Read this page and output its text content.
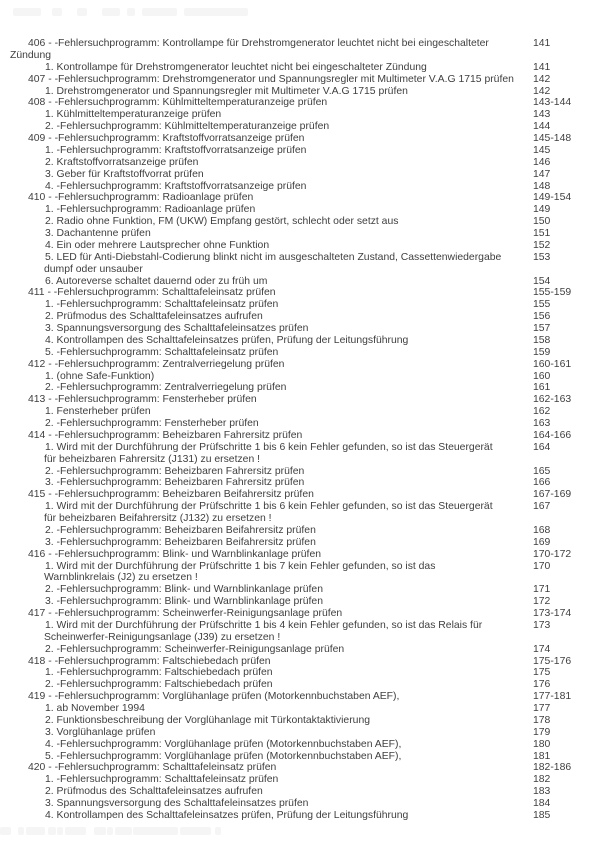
406 - -Fehlersuchprogramm: Kontrollampe für Drehstromgenerator leuchtet nicht bei eingeschalteter	141
Zündung
1. Kontrollampe für Drehstromgenerator leuchtet nicht bei eingeschalteter Zündung	141
407 - -Fehlersuchprogramm: Drehstromgenerator und Spannungsregler mit Multimeter V.A.G 1715 prüfen 142
1. Drehstromgenerator und Spannungsregler mit Multimeter V.A.G 1715 prüfen	142
408 - -Fehlersuchprogramm: Kühlmitteltemperaturanzeige prüfen	143-144
1. Kühlmitteltemperaturanzeige prüfen	143
2. -Fehlersuchprogramm: Kühlmitteltemperaturanzeige prüfen	144
409 - -Fehlersuchprogramm: Kraftstoffvorratsanzeige prüfen	145-148
1. -Fehlersuchprogramm: Kraftstoffvorratsanzeige prüfen	145
2. Kraftstoffvorratsanzeige prüfen	146
3. Geber für Kraftstoffvorrat prüfen	147
4. -Fehlersuchprogramm: Kraftstoffvorratsanzeige prüfen	148
410 - -Fehlersuchprogramm: Radioanlage prüfen	149-154
1. -Fehlersuchprogramm: Radioanlage prüfen	149
2. Radio ohne Funktion, FM (UKW) Empfang gestört, schlecht oder setzt aus	150
3. Dachantenne prüfen	151
4. Ein oder mehrere Lautsprecher ohne Funktion	152
5. LED für Anti-Diebstahl-Codierung blinkt nicht im ausgeschalteten Zustand, Cassettenwiedergabe	153
dumpf oder unsauber
6. Autoreverse schaltet dauernd oder zu früh um	154
411 - -Fehlersuchprogramm: Schalttafeleinsatz prüfen	155-159
1. -Fehlersuchprogramm: Schalttafeleinsatz prüfen	155
2. Prüfmodus des Schalttafeleinsatzes aufrufen	156
3. Spannungsversorgung des Schalttafeleinsatzes prüfen	157
4. Kontrollampen des Schalttafeleinsatzes prüfen, Prüfung der Leitungsführung	158
5. -Fehlersuchprogramm: Schalttafeleinsatz prüfen	159
412 - -Fehlersuchprogramm: Zentralverriegelung prüfen	160-161
1. (ohne Safe-Funktion)	160
2. -Fehlersuchprogramm: Zentralverriegelung prüfen	161
413 - -Fehlersuchprogramm: Fensterheber prüfen	162-163
1. Fensterheber prüfen	162
2. -Fehlersuchprogramm: Fensterheber prüfen	163
414 - -Fehlersuchprogramm: Beheizbaren Fahrersitz prüfen	164-166
1. Wird mit der Durchführung der Prüfschritte 1 bis 6 kein Fehler gefunden, so ist das Steuergerät	164
für beheizbaren Fahrersitz (J131) zu ersetzen !
2. -Fehlersuchprogramm: Beheizbaren Fahrersitz prüfen	165
3. -Fehlersuchprogramm: Beheizbaren Fahrersitz prüfen	166
415 - -Fehlersuchprogramm: Beheizbaren Beifahrersitz prüfen	167-169
1. Wird mit der Durchführung der Prüfschritte 1 bis 6 kein Fehler gefunden, so ist das Steuergerät	167
für beheizbaren Beifahrersitz (J132) zu ersetzen !
2. -Fehlersuchprogramm: Beheizbaren Beifahrersitz prüfen	168
3. -Fehlersuchprogramm: Beheizbaren Beifahrersitz prüfen	169
416 - -Fehlersuchprogramm: Blink- und Warnblinkanlage prüfen	170-172
1. Wird mit der Durchführung der Prüfschritte 1 bis 7 kein Fehler gefunden, so ist das	170
Warnblinkrelais (J2) zu ersetzen !
2. -Fehlersuchprogramm: Blink- und Warnblinkanlage prüfen	171
3. -Fehlersuchprogramm: Blink- und Warnblinkanlage prüfen	172
417 - -Fehlersuchprogramm: Scheinwerfer-Reinigungsanlage prüfen	173-174
1. Wird mit der Durchführung der Prüfschritte 1 bis 4 kein Fehler gefunden, so ist das Relais für	173
Scheinwerfer-Reinigungsanlage (J39) zu ersetzen !
2. -Fehlersuchprogramm: Scheinwerfer-Reinigungsanlage prüfen	174
418 - -Fehlersuchprogramm: Faltschiebedach prüfen	175-176
1. -Fehlersuchprogramm: Faltschiebedach prüfen	175
2. -Fehlersuchprogramm: Faltschiebedach prüfen	176
419 - -Fehlersuchprogramm: Vorglühanlage prüfen (Motorkennbuchstaben AEF),	177-181
1. ab November 1994	177
2. Funktionsbeschreibung der Vorglühanlage mit Türkontaktaktivierung	178
3. Vorglühanlage prüfen	179
4. -Fehlersuchprogramm: Vorglühanlage prüfen (Motorkennbuchstaben AEF),	180
5. -Fehlersuchprogramm: Vorglühanlage prüfen (Motorkennbuchstaben AEF),	181
420 - -Fehlersuchprogramm: Schalttafeleinsatz prüfen	182-186
1. -Fehlersuchprogramm: Schalttafeleinsatz prüfen	182
2. Prüfmodus des Schalttafeleinsatzes aufrufen	183
3. Spannungsversorgung des Schalttafeleinsatzes prüfen	184
4. Kontrollampen des Schalttafeleinsatzes prüfen, Prüfung der Leitungsführung	185
